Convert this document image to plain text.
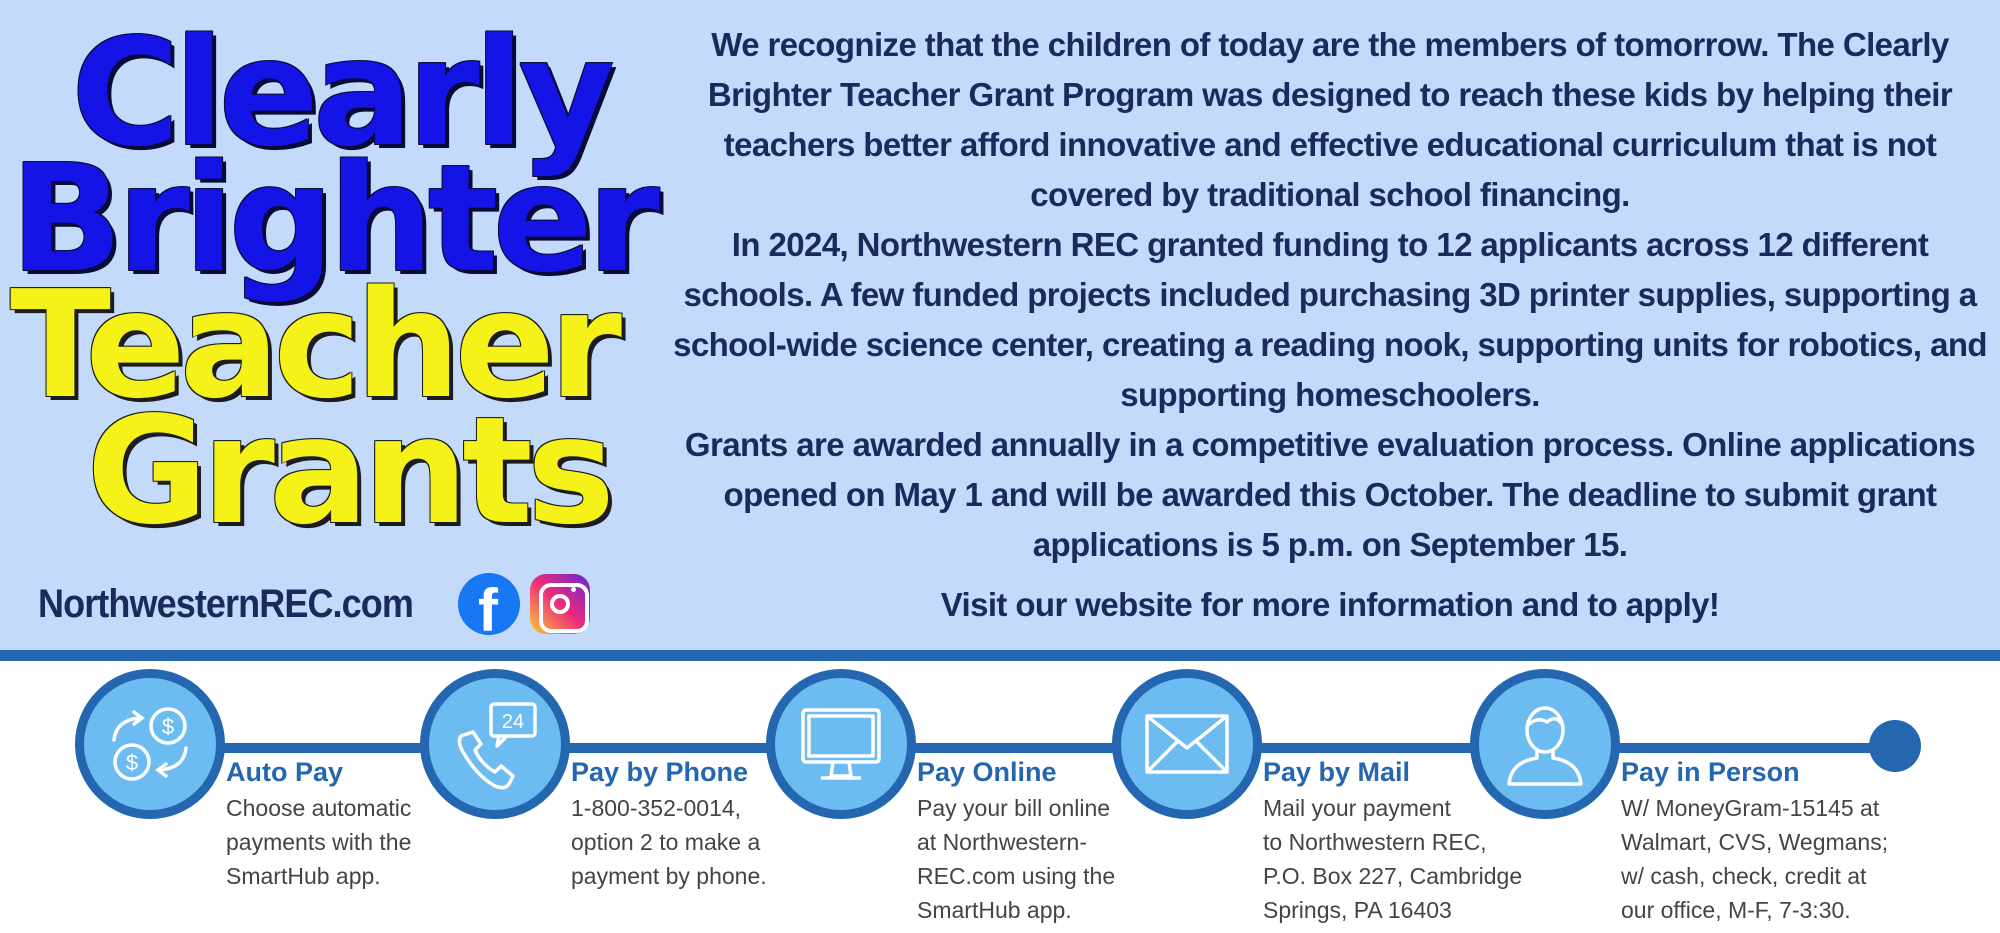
Clearly
Brighter
Teacher
Grants
NorthwesternREC.com f

We recognize that the children of today are the members of tomorrow. The Clearly Brighter Teacher Grant Program was designed to reach these kids by helping their teachers better afford innovative and effective educational curriculum that is not covered by traditional school financing.

In 2024, Northwestern REC granted funding to 12 applicants across 12 different schools. A few funded projects included purchasing 3D printer supplies, supporting a school-wide science center, creating a reading nook, supporting units for robotics, and supporting homeschoolers.

Grants are awarded annually in a competitive evaluation process. Online applications opened on May 1 and will be awarded this October. The deadline to submit grant applications is 5 p.m. on September 15.

Visit our website for more information and to apply!

$
$	Auto Pay
Choose automatic
payments with the
SmartHub app.
24
Pay by Phone
1-800-352-0014,
option 2 to make a
payment by phone.
Pay Online
Pay your bill online
at Northwestern-
REC.com using the
SmartHub app.
Pay by Mail
Mail your payment
to Northwestern REC,
P.O. Box 227, Cambridge
Springs, PA 16403
Pay in Person
W/ MoneyGram-15145 at
Walmart, CVS, Wegmans;
w/ cash, check, credit at
our office, M-F, 7-3:30.
